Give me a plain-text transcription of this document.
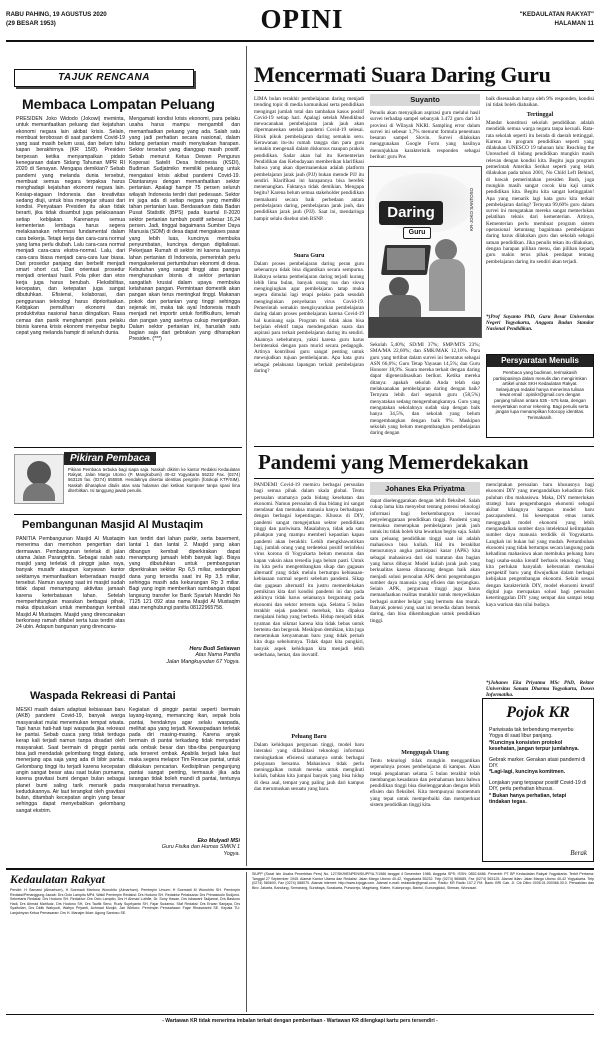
RABU PAHING, 19 AGUSTUS 2020
(29 BESAR 1953)	OPINI	"KEDAULATAN RAKYAT"
HALAMAN 11
TAJUK RENCANA
Membaca Lompatan Peluang
PRESIDEN Joko Widodo (Jokowi) meminta, untuk memanfaatkan peluang dari kejatuhan ekonomi negara lain akibat krisis. Selain, membuat terobosan di saat pandemi Covid-19 yang saat masih belum usai, dan belum tahu kapan berakhirnya (KR 15/8). Presiden berpesan ketika menyampaikan pidato kenegaraan dalam Sidang Tahunan MPR RI 2020 di Senayan. Mengapa demikian? Sebab pandemi yang melanda dunia tersebut, membuat semua negara terpaksa harus menghadapi kejatuhan ekonomi negara lain. Kesiap-siagaan Indonesia dan kreativitas sedang diuji, untuk bisa mengejar situasi dari kondisi. Penyataan Presiden itu akan tidak berarti, jika tidak disambut juga pelaksanaan setiap kebijakan. Karenanya semua kementerian lembaga harus segera melaksanakan reformasi fundamental dalam cara bekerja. Tetapi kerja dan cara-cara normal yang lama perlu diubah. Lalu cara-cara normal menjadi cara-cara ekstra-normal. Lalu, dari cara-cara biasa menjadi cara-cara luar biasa. Dari prosedur panjang dan berbelit menjadi smart short cut. Dari orientasi prosedur menjadi orientasi hasil. Pola piker dan etos kerja juga harus berubah. Fleksibilitas, kecepatan, dan ketepatan juga sangat dibutuhkan. Efisiensi, kolaborasi, dan penggunaan teknologi harus diprioritaskan. Kebijakan pemulihan ekonomi dan produktivitas nasional harus diingatkan. Rasa cemas dan panik menghampiri para pelaku bisnis karena krisis ekonomi menyebar begitu cepat yang melanda hampir di seluruh dunia.
Mengamati kondisi krisis ekonomi, para pelaku usaha harus mampu mengambil dan memanfaatkan peluang yang ada. Salah satu yang jadi perhatian secara nasional, dalam bidang pertanian masih menyisakan harapan. Sektor tersebut yang dianggap masih positif. Sebab menurut Ketua Dewan Pengurus Koperasi Satelit Desa Indonesia (KSDI), Budiman Sudjatmiko memiliki peluang untuk mengatasi krisis akibat pandemi Covid-19. Diantaranya dengan memanfaatkan sektor pertanian. Apalagi hampir 75 persen seluruh wilayah Indonesia terdiri dari pedesaan. Sektor ini juga ada di setiap negara yang memiliki tahan pertanian luas. Berdasarkan data Badan Pusat Statistik (BPS) pada kuartal II-2020 sektor pertanian tumbuh positif sebesar 16,24 persen. Jadi, tinggal bagaimana Sumber Daya Manusia (SDM) di desa dapat mengakses pasar yang lebih luas, kuncinya membuka penyumbatan, kuncinya dengan digitalisasi. Pekerjaan Rumah di sektor ini karena luasnya lahan pertanian di Indonesia, pemerintah perlu mengakselerasi pertumbuhan ekonomi di desa. Kebutuhan yang sangat tinggi atas pangan mengharuskan bisnis di sektor pertanian sangatlah krusial dalam upaya membuka ketahanan pangan. Permintaan domestik akan pangan akan terus meningkat tinggi. Makanan pokok dan pertanian yang tinggi sehingga sejenak ini, maka tak ayal Indonesia masih menjadi net importir untuk fortifikulturs, lemah dan pangan yang asetnya cukup menjanjikan. Dalam sektor pertanian ini, haruslah satu bagian saja dari gebrakan yang diharapkan Presiden. (***)
Pikiran Pembaca
Pikiran Pembaca terbuka bagi siapa saja. Naskah dikirim ke kantor Redaksi Kedaulatan Rakyat, Jalan Margo Utomo (P. Mangkubumi) 40-42 Yogyakarta 55232 Fax. (0274) 563125 fax. (0274) 555559. Hendaknya disertai identitas pengirim (fotokopi KTP/SIM). Naskah diharapkan ditulis atas satu halaman dari ketikan komputer tanpa spasi lima diterbitkan. Isi tanggung jawab penulis.
Pembangunan Masjid Al Mustaqim
PANITIA Pembangunan Masjid Al Mustaqim menerima dan memohon pengertian dari dermawan. Pembangunan terletak di jalan utama Jalan Parangtritis. Sebagai salah satu masjid yang terletak di pinggir jalan raya, banyak musafir ataupun karyawan kantor sekitarnya memanfaatkan keberadaan masjid tersebut. Namun sayang saat ini masjid sudah tidak dapat menampung aktivitas jamaah karena keterbatasan lahan. Setelah memperhitungkan masukan berbagai pihak, maka diputuskan untuk membangun kembali Masjid Al Mustaqim. Masjid yang direncanakan berkonsep ramah difabel serta luas terdiri atas 24 ubin. Adapun bangunan yang direncana-
kan terdiri dari lahan parkir, serta basement, lantai 1 dan lantai 2. Masjid yang akan dibangun kembali diperkirakan dapat menampung jamaah lebih banyak lagi. Biaya yang dibutuhkan untuk pembangunan diperkirakan sekitar Rp 6,5 miliar, sedangkan dana yang tersedia saat ini Rp 3,5 miliar, sehingga masih ada kekurangan Rp 3 miliar. Bagi yang ingin memberikan sumbangan dapat langsung transfer ke Bank Syariah Mandiri No 7125 121 092 atas nama Masjid Al Mustaqim atau menghubungi panitia 08122965758.
Heru Budi Setiawan
Atas Nama Panitia
Jalan Mangkuyudan 67 Yogya.
Waspada Rekreasi di Pantai
MESKI masih dalam adaptasi kebiasaan baru (AKB) pandemi Covid-19, banyak warga masyarakat mulai menemukan tempat wisata. Tapi harus hati-hati tapi waspada jika rekreasi ke pantai. Sebab cuaca yang tidak terduga kerap kali terjadi namun tanpa disadari oleh masyarakat. Saat bermain di pinggir pantai bisa jadi mendadak gelombang tinggi datang, menerjang apa saja yang ada di bibir pantai. Gelombang tinggi itu terjadi karena kecepatan angin sangat besar atau saat bulan purnama, karena gravitasi bumi dengan bulan sebagai planet bumi saling tarik menarik pada kedudukannya. Air laut terangkat oleh gravitasi bulan, ditambah kecepatan angin yang besar sehingga dapat menyebabkan gelombang sangat ekstrim.
Kegiatan di pinggir pantai seperti bermain layang-layang, memancing ikan, sepak bola pantai, hendaknya agar selalu waspada, melihat apa yang terjadi. Kewaspadaan terletak pada diri masing-masing. Karena anyak bermain di pantai terkadang tidak menyadari ada ombak besar dan tiba-tiba penguunjung ada terseret ombak. Apabila terjadi laka laut maka segera melapor Tim Rescue pantai, untuk dilakukan pencarian. Kedisiplinan pengunjung pantai sangat penting, termasuk jika ada larangan tidak boleh mandi di pantai, tentunya masyarakat harus menaatinya.
Eko Mulyadi MSi
Guru Fisika dan Humas SMKN 1
Yogya.
Mencermati Suara Daring Guru
LIMA bulan terakhir pembelajaran daring menjadi trending topic di media komunikasi serta pendidikan mengingat jumlah total dan tambahan kasus positif Covid-19 setiap hari. Apalagi setelah Mendikbud mewacanakan pembelajaran jarak jauh akan dipermanenkan setelah pandemi Covid-19 selesai. Hiruk pikuk pembelajaran daring semakin seru. Kerawanan itu-itu rumah tangga dan para guru semakin mengenali dalam diskursus maupun praksis pendidikan. Sadar akan hal itu Kementerian Pendidikan dan Kebudayaan memberikan klarifikasi bahwa yang akan dipermanenkan adalah platform pembelajaran jarak jauh (PJJ) bukan metode PJJ itu sendiri. Klarifikasi ini harapannya bisa berefek menenangkan. Faktanya tidak demikian. Mengapa begitu? Karena belum semua stakeholder pendidikan memahami secara baik perbedaan antara pembelajaran daring, pembelajaran jarak jauh, dan pendidikan jarak jauh (PJJ). Saat ini, mendaringa hampir selalu disebut oleh BSNP.
Suara Guru
Dalam proses pembelajaran daring peran guru sebenarnya tidak bisa digantikan secara sempurna. Baiknya selama pembelajaran daring terjadi kurang lebih lima bulan, banyak orang tua dan siswa mengingingkan agar pembelajaran tatap muka segera dimulai lagi tetapi pelaku pada sesudah menginginkan penyebaran virus Covid-19. Pemerintah semakin mengisyaratkan pembelajaran daring dalam proses pembelajaran karena Covid-19 hal kuninang saja. Program tni tidak akan bisa berjalan efektif tanpa mendengarkan suara dan aspirasi para terkait pembelajaran daring itu sendiri. Akannya sebelumnya, yakni karena guru harus berinteraksi dengan para murid secara pedagogik. Artinya kontribusi guru sangat penting untuk mewujudkan tujuan pembelajaran. Apa kata guru sebagai pelaksana lapangan terkait pembelajaran daring?
Suyanto
Penulis akan menyajikan aspirasi guru melalui hasil survei terhadap sampel sebanyak 3.472 guru dari 34 provinsi di Wilayah NKRI. Sampling error dalam survei ini sebesar 1,7% menurut formula penentuan besaran sampel Slovin. Survei dilakukan menggunakan Google Form yang hasilnya menunjukkan karakteristik responden sebagai berikut: guru Pns
Daring
Guru
KR-JOKO SANTOSO
Sekolah 5,40%; SD/MI 37%; SMP/MTS 23%; SMA/MA 22,60%; dan SMK/MAK 12,10%. Para guru yang terlibat dalam survei ini berstatus sebagai ASN 66,6%; Guru Tetap Yayasan 14,5%; dan Guru Honorer 18,9%. Suara mereka terkait dengan daring dapat digeneralisasikan berikut. Ketika mereka ditanya: apakah sekolah Anda telah siap melaksanakan pembelajaran daring dengan baik? Ternyata lebih dari separuh guru (58,5%) menyatakan sedang mengembangkannya. Guru yang mengatakan sekolahnya sudah siap dengan baik hanya 34,5%, dan sekolah yang belum mengembangkan dengan baik 9%. Maskipun sekolah yang belum mengembangkan pembelajaran daring dengan
baik disesuaikan hanya oleh 9% responden, kondisi ini tidak boleh diabaikan.
Tertinggal
Mandat konstitusi sekolah pendidikan adalah mendidik semua warga negara tanpa kecuali. Rata-rata sekolah seperti itu berada di daerah tertinggal. Karena itu program pendidikan seperti yang dilakukan UNESCO 19 tahunan lalu: Reaching the Unreached di bidang pendidikan mungkin masih relevan dengan kondisi kita. Begitu juga program pemerintah Amerika Serikat seperti yang telah dilakukan pada tahun 2001, No Child Left Behind, di bawah pemerintahan presiden Bush, juga mungkin masih sangat cocok kita kaji untuk pendidikan kita. Begitu kita sangat ketinggalan! Apa yang menarik lagi kata guru kita terkait pembelajaran daring? Ternyata 99,60% guru dalam survei ini mengatakan mereka sangat memerlukan pelatihan teknis dari kementerian. Artinya, Kementerian perlu membuat program sistem operasional ketuntang bagaimana pembelajaran daring harus dilakukan guru dan sekolah sebagai satuan pendidikan. Jika penulis tekan itu dilakukan, dengan harapan pilihan menu, dan pilihan kepada guru makin terus pihak pendapat tentang pembelajaran daring itu sendiri akan terjadi.
*)Prof Suyanto PhD, Guru Besar Universitas Negeri Yogyakarta, Anggota Badan Standar Nasional Pendidikan.
Persyaratan Menulis
Pembaca yang budiman, terimakasih partisipasinya dalam menulis dan mengirimkan artikel untuk SKH Kedaulatan Rakyat. Selanjutnya redaksi hanya menerima tulisan lewat email : opinikr@gmail.com dengan panjang tulisan antara 535 - 575 kata, dengan menyertakan nomor rekening. Bagi penulis serta jangan lupa menampilkan fotocopy identitas. Terimakasih.
Pandemi yang Memerdekakan
PANDEMI Covid-19 memicu berbagai persoalan bagi semua pihak dalam skala global. Tentu persoalan utamanya pada bidang kesehatan dan ekonomi. Namun persoalan di dua bidang ini sangat mendasar dan memaksa manusia hanya berhadapan dengan berbagai kepentingan. Khusus di DIY, pandemi sangat mengejutkan sektor pendidikan tinggi dan pariwisata. Masalahnya, tidak ada satu pihakpun yang mampu memberi kepastian kapan pandemi akan berakhir. Lebih mengkhawatirkan lagi, jumlah orang yang terdeteksi positif terinfeksi virus korona di Yogyakarta belum menurun dan kapan vaksin akan tersedia juga belum pasti. Untuk itu kita perlu mengembangkan sikap dan gagasan alternatif yang tidak melulu bertumpu kebiasaan-kebiasaan normal seperti sebelum pandemi. Sikap dan gagasan alternatif itu justru memerdekakan pemikiran kita dari kondisi pandemi ini dan pada akhirnya tidak harus selamanya bergantung pada ekonomi dan sektor tertentu saja. Selama 5 bulan terakhir sejak pandemi merebak, kita dipaksa menjalani hidup yang berbeda. Hidup menjadi tidak nyaman dan nikmat karena kita tidak bebas untuk bertemu dan bergerak. Meskipun demikian, kita juga menemukan kenyamanan baru yang tidak pernah kita duga sebelumnya. Tidak dapat kita pungkiri, banyak aspek kehidupan kita menjadi lebih sederhana, hemat, dan inovatif.
Peluang Baru
Dalam kehidupan perguruan tinggi, model baru interaksi yang difasilitasi teknologi informasi meningkatkan efisiensi utamanya untuk berbagai pelayanan bersama. Mahasiswa tidak perlu meninggalkan rumah mereka untuk mengikuti kuliah, bahkan kita jumpai banyak yang bisa hidup di desa asal, tempat yang paling jauh dari kampus dan merumuskan sesuatu yang baru.
Johanes Eka Priyatma
dapat diselenggarakan dengan lebih fleksibel. Salah cukup lama kita menyebut tentang potensi teknologi informasi bagi berkembangnya inovasi penyelenggaraan pendidikan tinggi. Pandemi yang memaksa menerapkan pembelajaran jarak jauh untuk itu tidak boleh kita lewatkan begitu saja. Salah satu peluang pendidikan tinggi saat ini adalah mahasiswa bisa kuliah. Hal itu berakibat menurunnya angka partisipasi kasar (APK) kita sebagai mahasiswa dari sisi tuntutan dan bagian yang harus dibayar. Model kuliah jarak jauh yang berkualitas karena dirancang dengan baik akan menjadi solusi persoalan APK demi pengembangan sumber daya manusia yang efisien dan terjangkau. Selain APK, perguruan tinggi juga harus memanfaatkan realitas mutakhir untuk menyediakan berbagai sumber belajar yang bermutu dan murah. Banyak potensi yang saat ini tersedia dalam bentuk daring, dan bisa dikembangkan untuk pendidikan tinggi.
Menggugah Utang
Tentu teknologi tidak mungkin menggantikan sepenuhnya proses pembelajaran di kampus. Akan tetapi pengalaman selama 5 bulan terakhir telah membangun kesadaran dan pemahaman baru bahwa pendidikan tinggi bisa diselenggarakan dengan lebih efisien dan fleksibel. Kita mempunyai momentum yang tepat untuk memperbaiki dan memperkuat sistem pendidikan tinggi kita.
menciptakan persoalan baru khususnya bagi ekonomi DIY yang mengandalkan kehadiran fisik puluhan ribu mahasiswa. Maka, DIY memerlukan strategi baru pengembangan ekonomi sebagai akibat hilangnya kampus model baru pascapandemi. Ini kesempatan emas untuk menggugah model ekonomi yang lebih mengandalkan sumber daya intelektual kelimpahan sumber daya manusia terdidik di Yogyakarta. Langkah ini bukan hal yang mudah. Pertumbuhan ekonomi yang tidak bertumpu secara langsung pada kehadiran mahasiswa akan membuka peluang baru bagi usaha-usaha kreatif berbasis teknologi. Yang kita perlukan hanyalah keberanian memakai perspektif baru yang diwujudkan dalam berbagai kebijakan pengembangan ekonomi. Selain sesuai dengan karakteristik DIY, model ekonomi kreatif digital juga merupakan solusi bagi persoalan ketertinggalan DIY yang sempat dan sampai tetap kaya warisan dan nilai budaya.
*)Johanes Eka Priyatma MSc PhD, Rektor Universitas Sanata Dharma Yogyakarta, Dosen Informatika.
Pojok KR
Pariwisata tak terbendung menyerbu Yogya di saat libur panjang.
*Kuncinya konsisten protokol kesehatan, jangan terpur jumlahnya.
Gebrak marker. Gerakan atasi pandemi di DIY.
*Lagi-lagi, kuncinya komitmen.
Lonjakan yang terpapar positif Covid-19 di DIY, perlu perhatian khusus.
* Bukan hanya perhatian, tetapi tindakan tegas.
Berak
Kedaulatan Rakyat
Pendiri: H Samawi (Almarhum), H Soemadi Martono Wonohito (Almarhum). Pemimpin Umum: H Soemadi M Wonohito SH. Pemimpin Redaksi/Penanggung Jawab: Drs Octo Lampito MPd. Wakil Pemimpin Redaksi: Drs Hudono SH. Redaktur Pelaksana: Drs Primaswolo Sudjono. Sekretaris Redaksi: Drs Hudono SH. Redaktur: Drs Octo Lampito, Drs H Ahmad Luthfie, Dr. Sony Hasan, Drs Isbawani Tadjamal, Drs Baskoro Hadi, Drs Ahmad Mahfudz, Drs Hudono SH, Drs Taufik Seno, Rudy Supriyanto SH, Fajar Sudarwo. Staf Redaksi: Drs Erwan Sanjaya, Drs Syaifullah, Drs Didik Wahyudi, Wahyu Priyanti, Achmad Munjid, Jari Wintoro. Pemimpin Perusahaan: Fajar Rinaswarini SE. Kepala TU: Lanjahnyan Ketua Pemasaran: Drs H. Manajer Iklan: Agung Santoso SE.
SIUPP (Surat Izin Usaha Penerbitan Pers) No. 127/SK/MENPEN/SIUPP/A.7/1986 tanggal 4 Desember 1986. Anggota SPS: ISSN: 0852-6486. Penerbit: PT BP Kedaulatan Rakyat Yogyakarta. Terbit Pertama: Tanggal 27 September 1945. Alamat Kantor Utama dan Redaksi: Jalan Margo Utomo 40-42, Yogyakarta 55232. Telp (0274) 565685, Fax (0274) 563125. Alamat Iklan: Jalan Margo Utomo 40-42 Yogyakarta. Telp (0274) 580600, Fax (0274) 588070. Alamat Internet: http://www.krjogja.com. Alamat e-mail: redaksikr@gmail.com. Radio: KR Radio 107,2 FM. Bank: BRI Cab. Jl. Cik Ditiro 0035.01.000366.30.0. Perwakilan dan Biro: Jakarta, Bandung, Semarang, Surabaya, Surakarta, Purworejo, Magelang, Klaten, Kulonprogo, Bantul, Gunungkidul, Sleman, Wonosari.
- Wartawan KR tidak menerima imbalan terkait dengan pemberitaan - Wartawan KR dilengkapi kartu pers tersendiri -
